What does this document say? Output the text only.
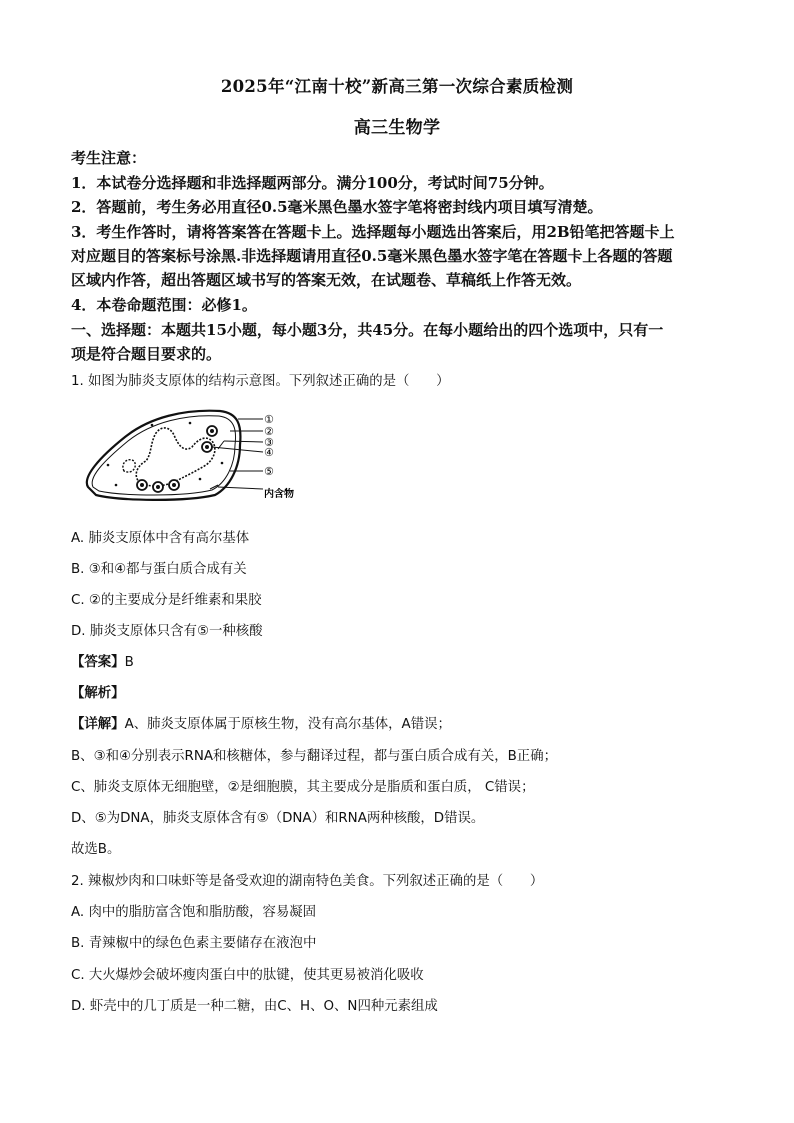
2025年“江南十校”新高三第一次综合素质检测
高三生物学
考生注意：
1．本试卷分选择题和非选择题两部分。满分100分，考试时间75分钟。
2．答题前，考生务必用直径0.5毫米黑色墨水签字笔将密封线内项目填写清楚。
3．考生作答时，请将答案答在答题卡上。选择题每小题选出答案后，用2B铅笔把答题卡上
对应题目的答案标号涂黑.非选择题请用直径0.5毫米黑色墨水签字笔在答题卡上各题的答题
区域内作答，超出答题区域书写的答案无效，在试题卷、草稿纸上作答无效。
4．本卷命题范围：必修1。
一、选择题：本题共15小题，每小题3分，共45分。在每小题给出的四个选项中，只有一
项是符合题目要求的。
1. 如图为肺炎支原体的结构示意图。下列叙述正确的是（　　）
①
②
③
④
⑤
内含物
A. 肺炎支原体中含有高尔基体
B. ③和④都与蛋白质合成有关
C. ②的主要成分是纤维素和果胶
D. 肺炎支原体只含有⑤一种核酸
【答案】B
【解析】
【详解】A、肺炎支原体属于原核生物，没有高尔基体，A错误；
B、③和④分别表示RNA和核糖体，参与翻译过程，都与蛋白质合成有关，B正确；
C、肺炎支原体无细胞壁，②是细胞膜，其主要成分是脂质和蛋白质， C错误；
D、⑤为DNA，肺炎支原体含有⑤（DNA）和RNA两种核酸，D错误。
故选B。
2. 辣椒炒肉和口味虾等是备受欢迎的湖南特色美食。下列叙述正确的是（　　）
A. 肉中的脂肪富含饱和脂肪酸，容易凝固
B. 青辣椒中的绿色色素主要储存在液泡中
C. 大火爆炒会破坏瘦肉蛋白中的肽键，使其更易被消化吸收
D. 虾壳中的几丁质是一种二糖，由C、H、O、N四种元素组成
